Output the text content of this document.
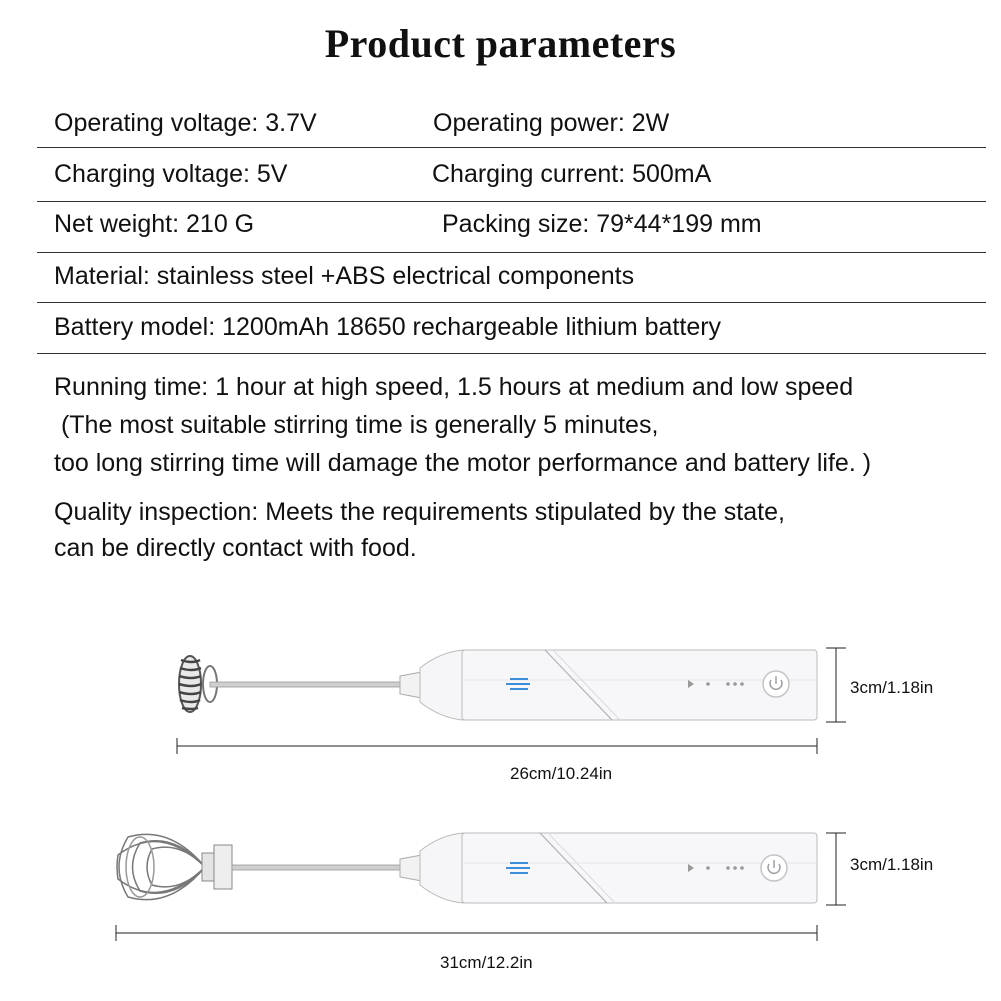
Product parameters
Operating voltage: 3.7V	Operating power: 2W
Charging voltage: 5V	Charging current: 500mA
Net weight: 210 G	Packing size: 79*44*199 mm
Material: stainless steel +ABS electrical components
Battery model: 1200mAh 18650 rechargeable lithium battery
Running time: 1 hour at high speed, 1.5 hours at medium and low speed
(The most suitable stirring time is generally 5 minutes,
too long stirring time will damage the motor performance and battery life. )
Quality inspection: Meets the requirements stipulated by the state,
can be directly contact with food.
3cm/1.18in
26cm/10.24in
3cm/1.18in
31cm/12.2in
